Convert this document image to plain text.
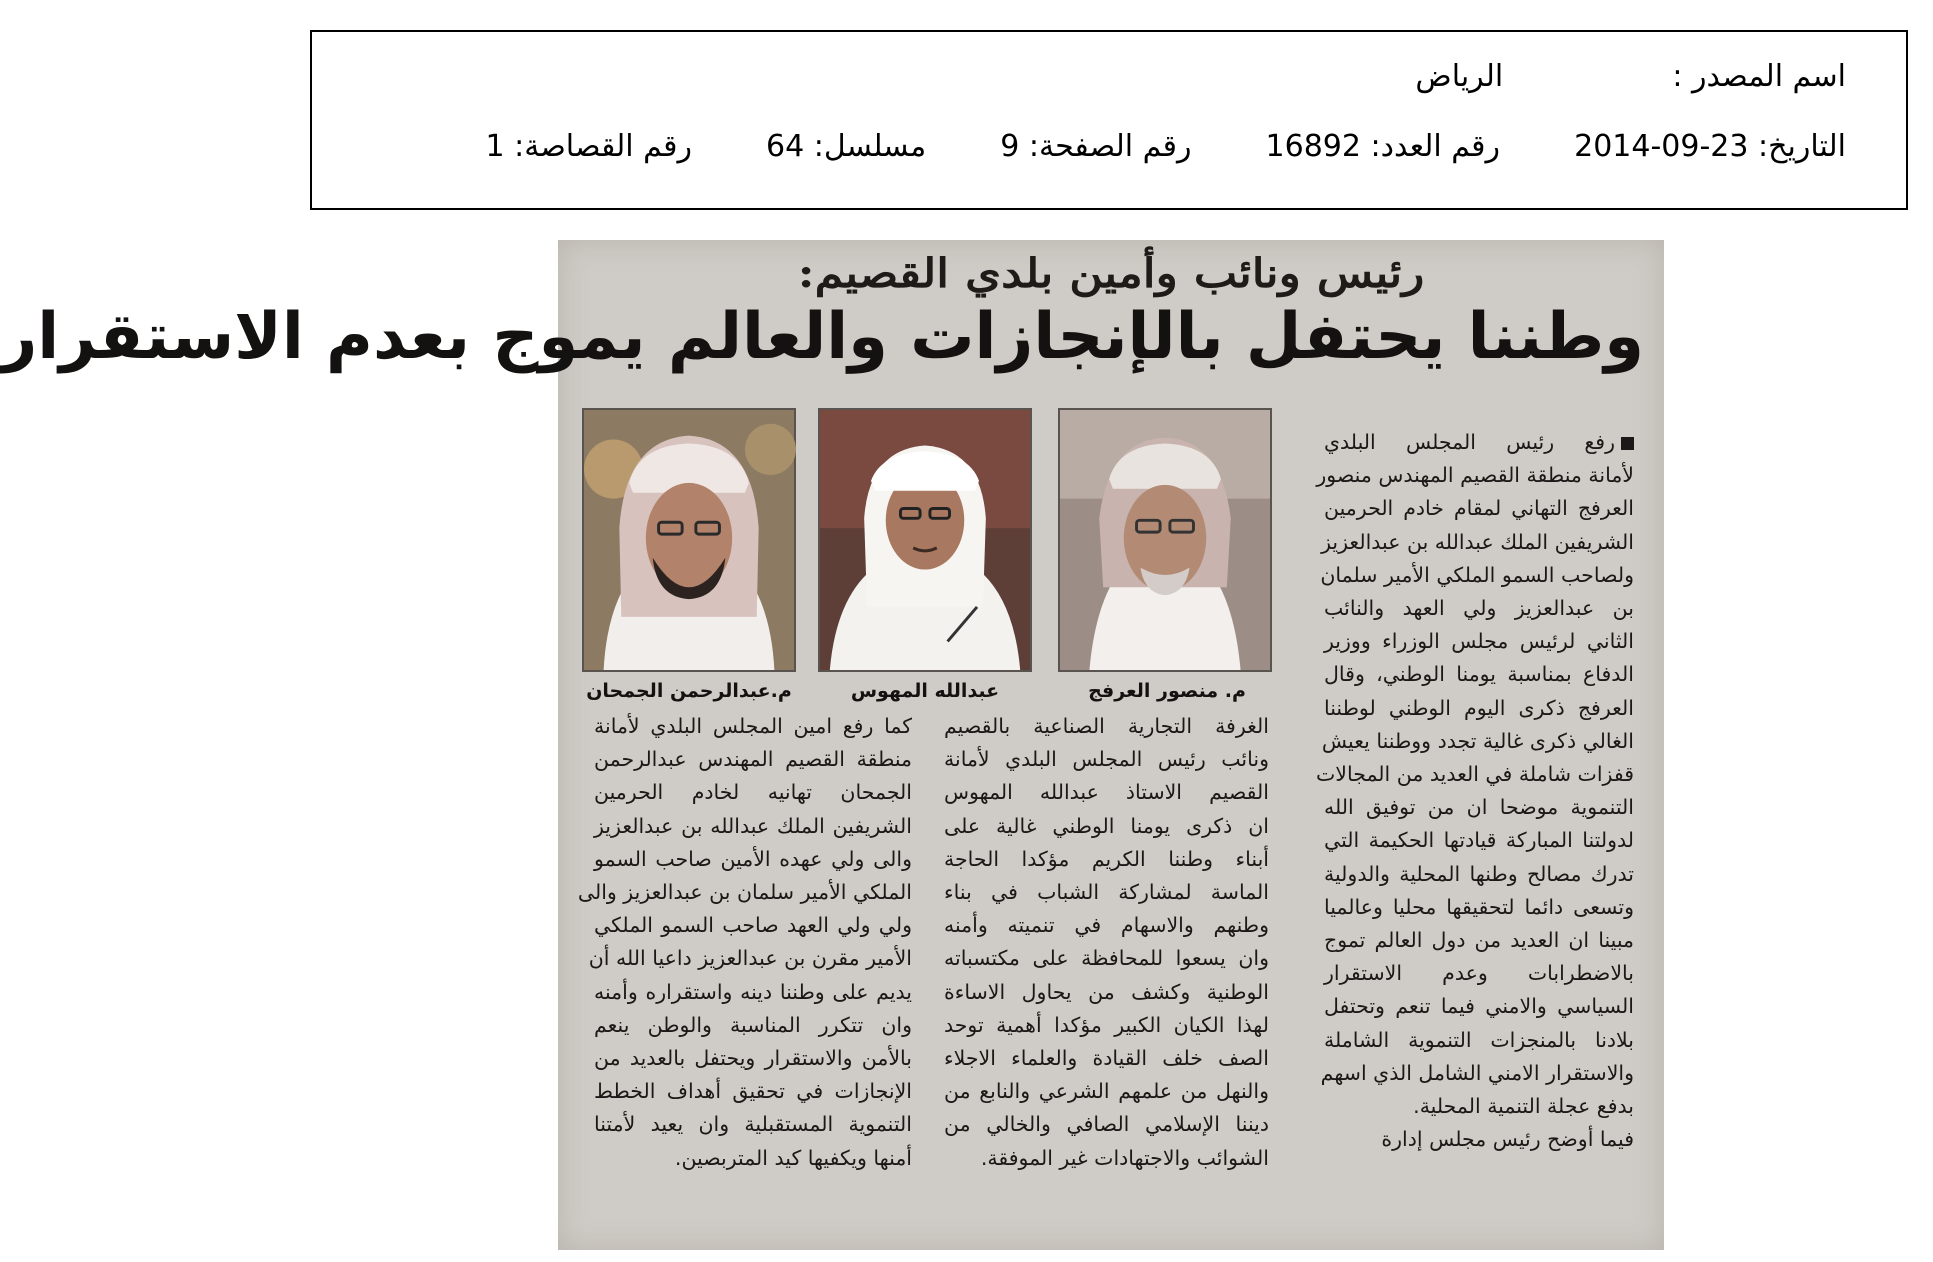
اسم المصدر :  الرياض
التاريخ: 2014-09-23  رقم العدد: 16892  رقم الصفحة: 9  مسلسل: 64  رقم القصاصة: 1
رئيس ونائب وأمين بلدي القصيم:
وطننا يحتفل بالإنجازات والعالم يموج بعدم الاستقرار
م. منصور العرفج
عبدالله المهوس
م.عبدالرحمن الجمحان

رفع رئيس المجلس البلدي

لأمانة منطقة القصيم المهندس منصور

العرفج التهاني لمقام خادم الحرمين

الشريفين الملك عبدالله بن عبدالعزيز

ولصاحب السمو الملكي الأمير سلمان

بن عبدالعزيز ولي العهد والنائب

الثاني لرئيس مجلس الوزراء ووزير

الدفاع بمناسبة يومنا الوطني، وقال

العرفج ذكرى اليوم الوطني لوطننا

الغالي ذكرى غالية تجدد ووطننا يعيش

قفزات شاملة في العديد من المجالات

التنموية موضحا ان من توفيق الله

لدولتنا المباركة قيادتها الحكيمة التي

تدرك مصالح وطنها المحلية والدولية

وتسعى دائما لتحقيقها محليا وعالميا

مبينا ان العديد من دول العالم تموج

بالاضطرابات وعدم الاستقرار

السياسي والامني فيما تنعم وتحتفل

بلادنا بالمنجزات التنموية الشاملة

والاستقرار الامني الشامل الذي اسهم

بدفع عجلة التنمية المحلية.

فيما أوضح رئيس مجلس إدارة

الغرفة التجارية الصناعية بالقصيم

ونائب رئيس المجلس البلدي لأمانة

القصيم الاستاذ عبدالله المهوس

ان ذكرى يومنا الوطني غالية على

أبناء وطننا الكريم مؤكدا الحاجة

الماسة لمشاركة الشباب في بناء

وطنهم والاسهام في تنميته وأمنه

وان يسعوا للمحافظة على مكتسباته

الوطنية وكشف من يحاول الاساءة

لهذا الكيان الكبير مؤكدا أهمية توحد

الصف خلف القيادة والعلماء الاجلاء

والنهل من علمهم الشرعي والنابع من

ديننا الإسلامي الصافي والخالي من

الشوائب والاجتهادات غير الموفقة.

كما رفع امين المجلس البلدي لأمانة

منطقة القصيم المهندس عبدالرحمن

الجمحان تهانيه لخادم الحرمين

الشريفين الملك عبدالله بن عبدالعزيز

والى ولي عهده الأمين صاحب السمو

الملكي الأمير سلمان بن عبدالعزيز والى

ولي ولي العهد صاحب السمو الملكي

الأمير مقرن بن عبدالعزيز داعيا الله أن

يديم على وطننا دينه واستقراره وأمنه

وان تتكرر المناسبة والوطن ينعم

بالأمن والاستقرار ويحتفل بالعديد من

الإنجازات في تحقيق أهداف الخطط

التنموية المستقبلية وان يعيد لأمتنا

أمنها ويكفيها كيد المتربصين.
